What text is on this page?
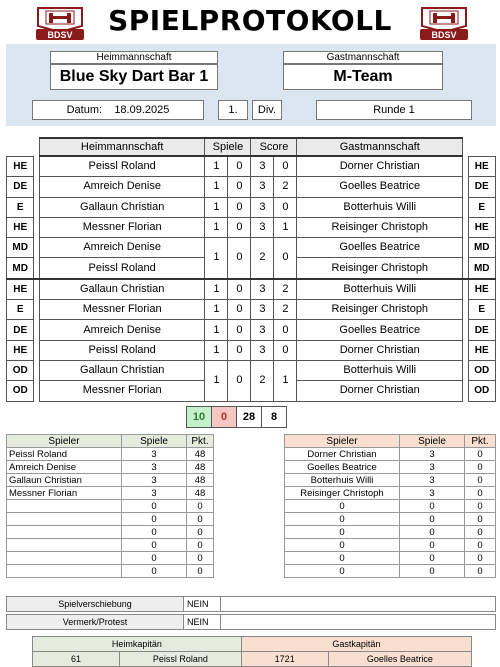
BDSV	BDSV
SPIELPROTOKOLL
Heimmannschaft
Blue Sky Dart Bar 1
Gastmannschaft
M-Team
Datum: 18.09.2025	1.	Div.	Runde 1
		Heimmannschaft	Spiele		Score		Gastmannschaft		
HE		Peissl Roland	1	0	3	0	Dorner Christian		HE
DE		Amreich Denise	1	0	3	2	Goelles Beatrice		DE
E		Gallaun Christian	1	0	3	0	Botterhuis Willi		E
HE		Messner Florian	1	0	3	1	Reisinger Christoph		HE
MD		Amreich Denise	1	0	2	0	Goelles Beatrice		MD
MD		Peissl Roland					Reisinger Christoph		MD
HE		Gallaun Christian	1	0	3	2	Botterhuis Willi		HE
E		Messner Florian	1	0	3	2	Reisinger Christoph		E
DE		Amreich Denise	1	0	3	0	Goelles Beatrice		DE
HE		Peissl Roland	1	0	3	0	Dorner Christian		HE
OD		Gallaun Christian	1	0	2	1	Botterhuis Willi		OD
OD		Messner Florian					Dorner Christian		OD
10	0	28	8
Spieler	Spiele	Pkt.
Peissl Roland	3	48
Amreich Denise	3	48
Gallaun Christian	3	48
Messner Florian	3	48
	0	0
	0	0
	0	0
	0	0
	0	0
	0	0
Spieler	Spiele	Pkt.
Dorner Christian	3	0
Goelles Beatrice	3	0
Botterhuis Willi	3	0
Reisinger Christoph	3	0
0	0	0
0	0	0
0	0	0
0	0	0
0	0	0
0	0	0
Spielverschiebung	NEIN	
Vermerk/Protest	NEIN	
Heimkapitän		Gastkapitän	
61	Peissl Roland	1721	Goelles Beatrice
